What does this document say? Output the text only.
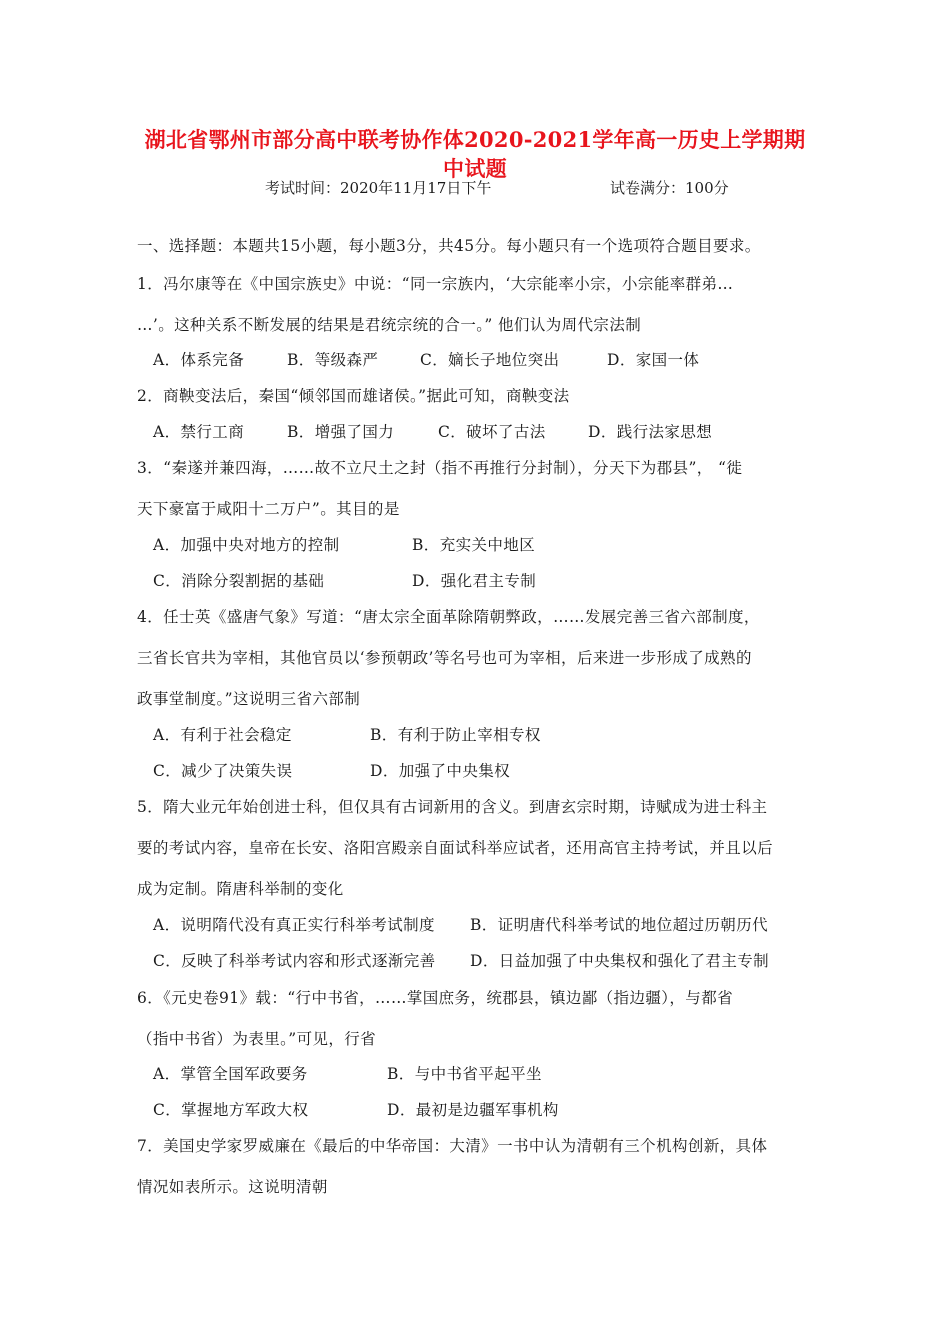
湖北省鄂州市部分高中联考协作体2020-2021学年高一历史上学期期
中试题
考试时间：2020年11月17日下午	试卷满分：100分
一、选择题：本题共15小题，每小题3分，共45分。每小题只有一个选项符合题目要求。
1．冯尔康等在《中国宗族史》中说：“同一宗族内，‘大宗能率小宗，小宗能率群弟…
…’。这种关系不断发展的结果是君统宗统的合一。” 他们认为周代宗法制
A．体系完备	B．等级森严	C．嫡长子地位突出	D．家国一体
2．商鞅变法后，秦国“倾邻国而雄诸侯。”据此可知，商鞅变法
A．禁行工商	B．增强了国力	C．破坏了古法	D．践行法家思想
3．“秦遂并兼四海，……故不立尺土之封（指不再推行分封制），分天下为郡县”， “徙
天下豪富于咸阳十二万户”。其目的是
A．加强中央对地方的控制	B．充实关中地区
C．消除分裂割据的基础	D．强化君主专制
4．任士英《盛唐气象》写道：“唐太宗全面革除隋朝弊政，……发展完善三省六部制度，
三省长官共为宰相，其他官员以‘参预朝政’等名号也可为宰相，后来进一步形成了成熟的
政事堂制度。”这说明三省六部制
A．有利于社会稳定	B．有利于防止宰相专权
C．减少了决策失误	D．加强了中央集权
5．隋大业元年始创进士科，但仅具有古词新用的含义。到唐玄宗时期，诗赋成为进士科主
要的考试内容，皇帝在长安、洛阳宫殿亲自面试科举应试者，还用高官主持考试，并且以后
成为定制。隋唐科举制的变化
A．说明隋代没有真正实行科举考试制度 B．证明唐代科举考试的地位超过历朝历代
C．反映了科举考试内容和形式逐渐完善 D．日益加强了中央集权和强化了君主专制
6．《元史卷91》载：“行中书省，……掌国庶务，统郡县，镇边鄙（指边疆），与都省
（指中书省）为表里。”可见，行省
A．掌管全国军政要务	B．与中书省平起平坐
C．掌握地方军政大权	D．最初是边疆军事机构
7．美国史学家罗威廉在《最后的中华帝国：大清》一书中认为清朝有三个机构创新，具体
情况如表所示。这说明清朝
